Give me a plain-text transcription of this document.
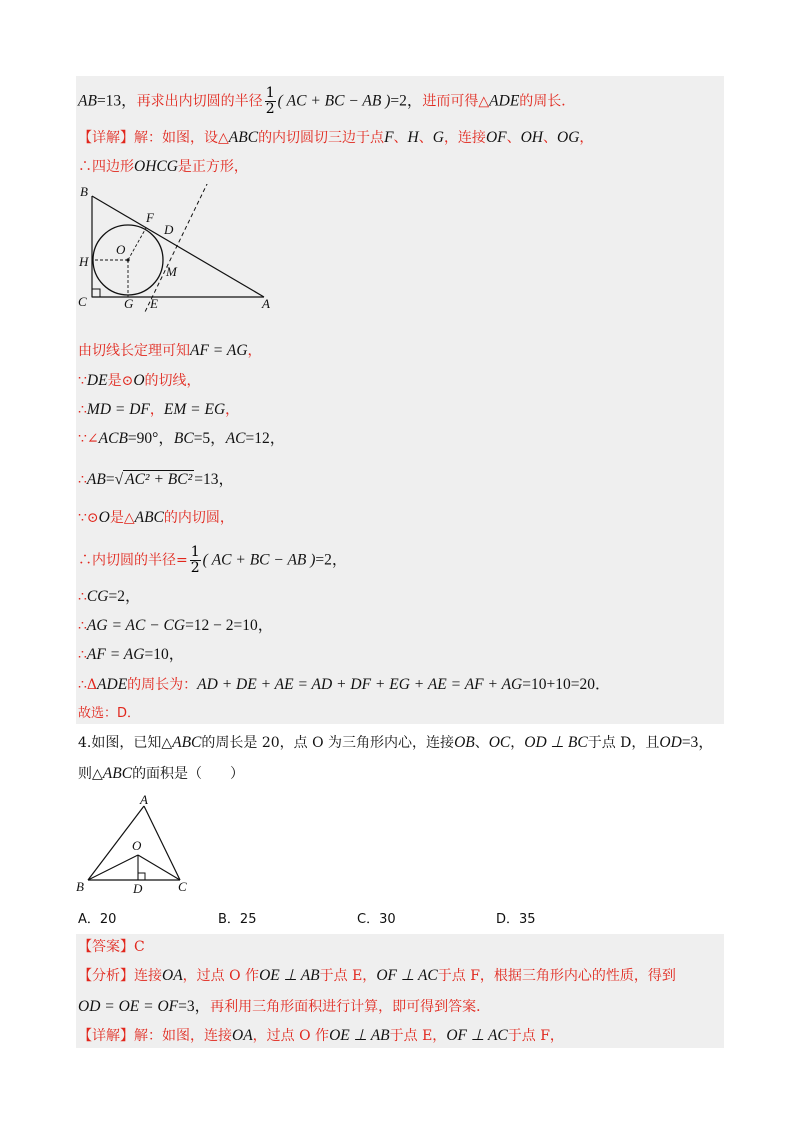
AB=13，再求出内切圆的半径 $\frac{1}{2}$ ( AC + BC − AB )=2，进而可得△ADE的周长．
【详解】解：如图，设△ABC的内切圆切三边于点F、H、G，连接OF、OH、OG，
∴四边形OHCG是正方形，
B
F
D
O
H
M
C	G E	A
由切线长定理可知AF = AG，
∵DE是⊙O的切线，
∴MD = DF，EM = EG，
∵∠ACB=90°，BC=5，AC=12，
∴AB=√ AC² + BC² =13，
∵⊙O是△ABC的内切圆，
∴内切圆的半径= $\frac{1}{2}$ ( AC + BC − AB )=2，
∴CG=2，
∴AG = AC − CG=12 − 2=10，
∴AF = AG=10，
∴ΔADE的周长为：AD + DE + AE = AD + DF + EG + AE = AF + AG=10+10=20．
故选：D．
4.如图，已知△ABC的周长是 20，点 O 为三角形内心，连接OB、OC，OD ⊥ BC于点 D，且OD=3，
则△ABC的面积是（　　）
A
O
B	D	C
A．20	B．25	C．30	D．35
【答案】C
【分析】连接OA，过点 O 作OE ⊥ AB于点 E，OF ⊥ AC于点 F，根据三角形内心的性质，得到
OD = OE = OF=3，再利用三角形面积进行计算，即可得到答案．
【详解】解：如图，连接OA，过点 O 作OE ⊥ AB于点 E，OF ⊥ AC于点 F，
